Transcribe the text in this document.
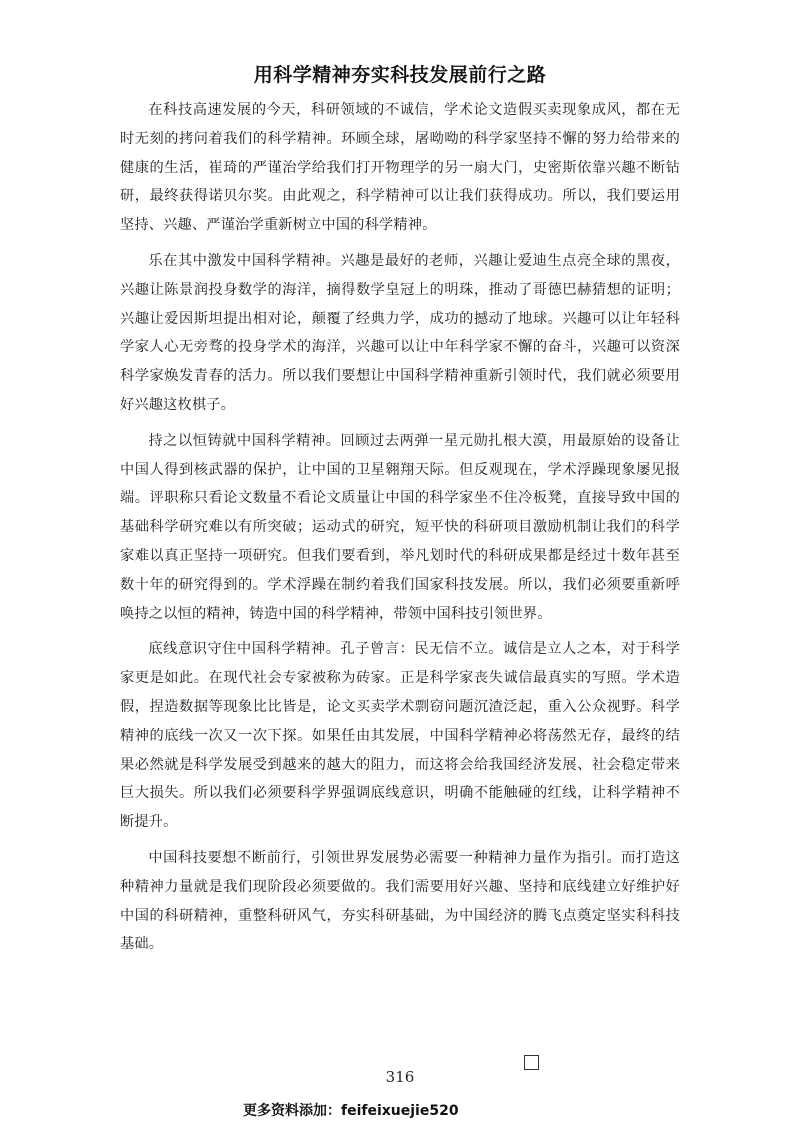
用科学精神夯实科技发展前行之路

在科技高速发展的今天，科研领域的不诚信，学术论文造假买卖现象成风，都在无时无刻的拷问着我们的科学精神。环顾全球，屠呦呦的科学家坚持不懈的努力给带来的健康的生活，崔琦的严谨治学给我们打开物理学的另一扇大门，史密斯依靠兴趣不断钻研，最终获得诺贝尔奖。由此观之，科学精神可以让我们获得成功。所以，我们要运用坚持、兴趣、严谨治学重新树立中国的科学精神。

乐在其中激发中国科学精神。兴趣是最好的老师，兴趣让爱迪生点亮全球的黑夜，兴趣让陈景润投身数学的海洋，摘得数学皇冠上的明珠，推动了哥德巴赫猜想的证明；兴趣让爱因斯坦提出相对论，颠覆了经典力学，成功的撼动了地球。兴趣可以让年轻科学家人心无旁骛的投身学术的海洋，兴趣可以让中年科学家不懈的奋斗，兴趣可以资深科学家焕发青春的活力。所以我们要想让中国科学精神重新引领时代，我们就必须要用好兴趣这枚棋子。

持之以恒铸就中国科学精神。回顾过去两弹一星元勋扎根大漠，用最原始的设备让中国人得到核武器的保护，让中国的卫星翱翔天际。但反观现在，学术浮躁现象屡见报端。评职称只看论文数量不看论文质量让中国的科学家坐不住冷板凳，直接导致中国的基础科学研究难以有所突破；运动式的研究，短平快的科研项目激励机制让我们的科学家难以真正坚持一项研究。但我们要看到，举凡划时代的科研成果都是经过十数年甚至数十年的研究得到的。学术浮躁在制约着我们国家科技发展。所以，我们必须要重新呼唤持之以恒的精神，铸造中国的科学精神，带领中国科技引领世界。

底线意识守住中国科学精神。孔子曾言：民无信不立。诚信是立人之本，对于科学家更是如此。在现代社会专家被称为砖家。正是科学家丧失诚信最真实的写照。学术造假，捏造数据等现象比比皆是，论文买卖学术剽窃问题沉渣泛起，重入公众视野。科学精神的底线一次又一次下探。如果任由其发展，中国科学精神必将荡然无存，最终的结果必然就是科学发展受到越来的越大的阻力，而这将会给我国经济发展、社会稳定带来巨大损失。所以我们必须要科学界强调底线意识，明确不能触碰的红线，让科学精神不断提升。

中国科技要想不断前行，引领世界发展势必需要一种精神力量作为指引。而打造这种精神力量就是我们现阶段必须要做的。我们需要用好兴趣、坚持和底线建立好维护好中国的科研精神，重整科研风气，夯实科研基础，为中国经济的腾飞点奠定坚实科科技基础。

316
更多资料添加：feifeixuejie520
